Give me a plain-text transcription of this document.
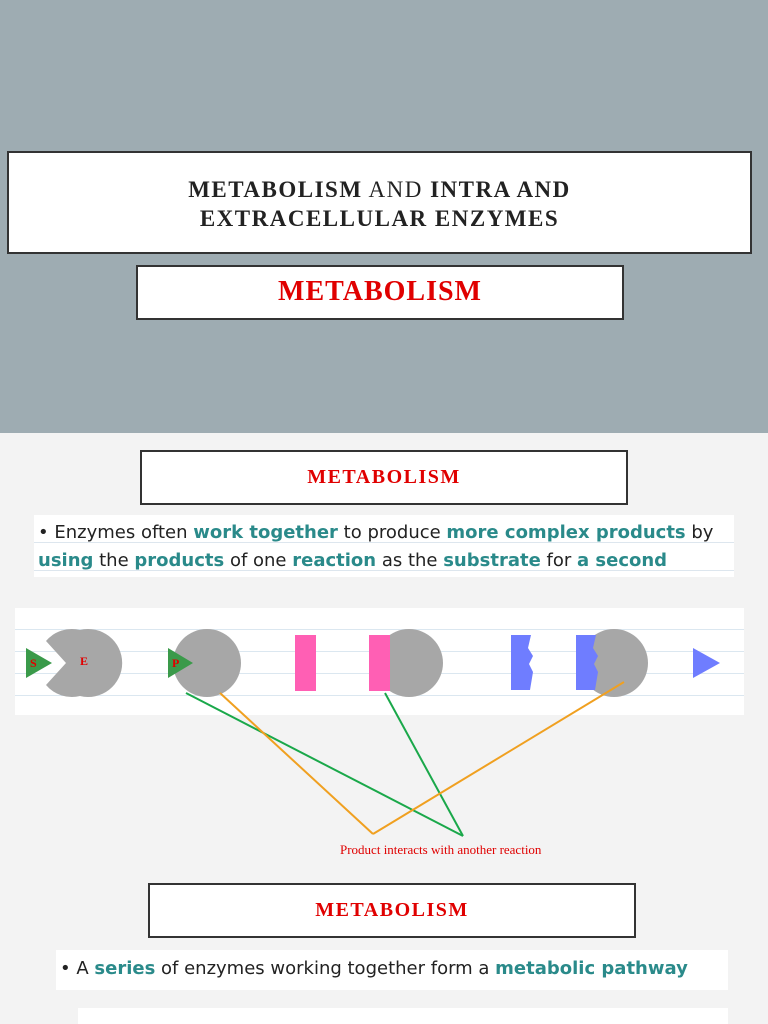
METABOLISM AND INTRA AND
EXTRACELLULAR ENZYMES
METABOLISM
METABOLISM
• Enzymes often work together to produce more complex products by using the products of one reaction as the substrate for a second
S	E	P
Product interacts with another reaction
METABOLISM
• A series of enzymes working together form a metabolic pathway
